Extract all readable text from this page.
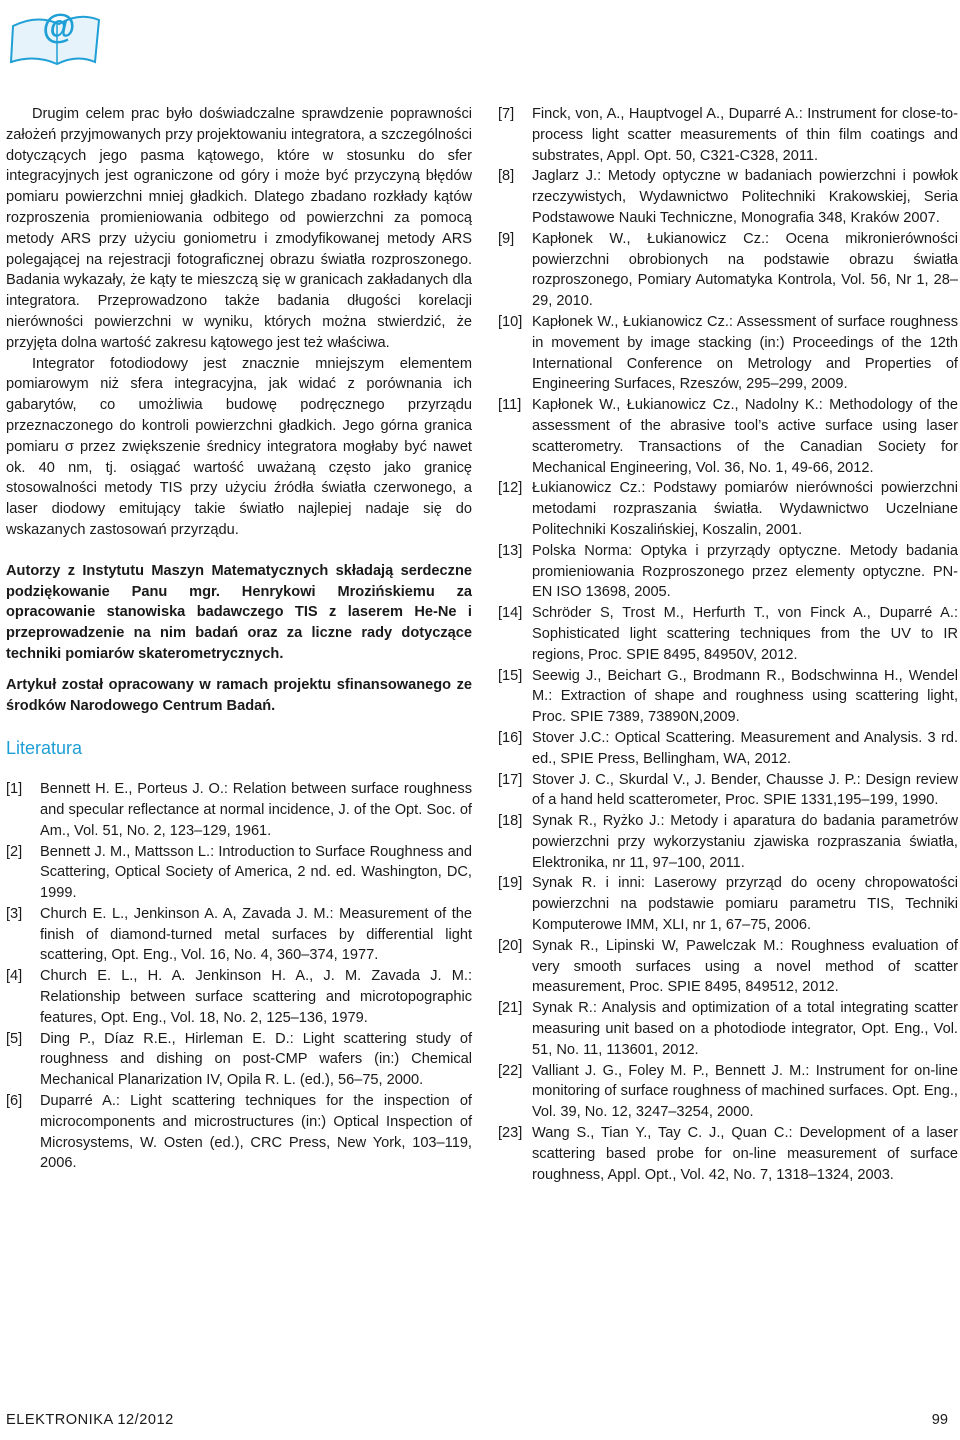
@

Drugim celem prac było doświadczalne sprawdzenie poprawności założeń przyjmowanych przy projektowaniu integratora, a szczególności dotyczących jego pasma kątowego, które w stosunku do sfer integracyjnych jest ograniczone od góry i może być przyczyną błędów pomiaru powierzchni mniej gładkich. Dlatego zbadano rozkłady kątów rozproszenia promieniowania odbitego od powierzchni za pomocą metody ARS przy użyciu goniometru i zmodyfikowanej metody ARS polegającej na rejestracji fotograficznej obrazu światła rozproszonego. Badania wykazały, że kąty te mieszczą się w granicach zakładanych dla integratora. Przeprowadzono także badania długości korelacji nierówności powierzchni w wyniku, których można stwierdzić, że przyjęta dolna wartość zakresu kątowego jest też właściwa.

Integrator fotodiodowy jest znacznie mniejszym elementem pomiarowym niż sfera integracyjna, jak widać z porównania ich gabarytów, co umożliwia budowę podręcznego przyrządu przeznaczonego do kontroli powierzchni gładkich. Jego górna granica pomiaru σ przez zwiększenie średnicy integratora mogłaby być nawet ok. 40 nm, tj. osiągać wartość uważaną często jako granicę stosowalności metody TIS przy użyciu źródła światła czerwonego, a laser diodowy emitujący takie światło najlepiej nadaje się do wskazanych zastosowań przyrządu.

Autorzy z Instytutu Maszyn Matematycznych składają serdeczne podziękowanie Panu mgr. Henrykowi Mrozińskiemu za opracowanie stanowiska badawczego TIS z laserem He-Ne i przeprowadzenie na nim badań oraz za liczne rady dotyczące techniki pomiarów skaterometrycznych.

Artykuł został opracowany w ramach projektu sfinansowanego ze środków Narodowego Centrum Badań.

Literatura
[1]	Bennett H. E., Porteus J. O.: Relation between surface roughness and specular reflectance at normal incidence, J. of the Opt. Soc. of Am., Vol. 51, No. 2, 123–129, 1961.
[2]	Bennett J. M., Mattsson L.: Introduction to Surface Roughness and Scattering, Optical Society of America, 2 nd. ed. Washington, DC, 1999.
[3]	Church E. L., Jenkinson A. A, Zavada J. M.: Measurement of the finish of diamond-turned metal surfaces by differential light scattering, Opt. Eng., Vol. 16, No. 4, 360–374, 1977.
[4]	Church E. L., H. A. Jenkinson H. A., J. M. Zavada J. M.: Relationship between surface scattering and microtopographic features, Opt. Eng., Vol. 18, No. 2, 125–136, 1979.
[5]	Ding P., Díaz R.E., Hirleman E. D.: Light scattering study of roughness and dishing on post-CMP wafers (in:) Chemical Mechanical Planarization IV, Opila R. L. (ed.), 56–75, 2000.
[6]	Duparré A.: Light scattering techniques for the inspection of microcomponents and microstructures (in:) Optical Inspection of Microsystems, W. Osten (ed.), CRC Press, New York, 103–119, 2006.
[7]	Finck, von, A., Hauptvogel A., Duparré A.: Instrument for close-to-process light scatter measurements of thin film coatings and substrates, Appl. Opt. 50, C321-C328, 2011.
[8]	Jaglarz J.: Metody optyczne w badaniach powierzchni i powłok rzeczywistych, Wydawnictwo Politechniki Krakowskiej, Seria Podstawowe Nauki Techniczne, Monografia 348, Kraków 2007.
[9]	Kapłonek W., Łukianowicz Cz.: Ocena mikronierówności powierzchni obrobionych na podstawie obrazu światła rozproszonego, Pomiary Automatyka Kontrola, Vol. 56, Nr 1, 28–29, 2010.
[10] Kapłonek W., Łukianowicz Cz.: Assessment of surface roughness in movement by image stacking (in:) Proceedings of the 12th International Conference on Metrology and Properties of Engineering Surfaces, Rzeszów, 295–299, 2009.
[11] Kapłonek W., Łukianowicz Cz., Nadolny K.: Methodology of the assessment of the abrasive tool’s active surface using laser scatterometry. Transactions of the Canadian Society for Mechanical Engineering, Vol. 36, No. 1, 49-66, 2012.
[12] Łukianowicz Cz.: Podstawy pomiarów nierówności powierzchni metodami rozpraszania światła. Wydawnictwo Uczelniane Politechniki Koszalińskiej, Koszalin, 2001.
[13] Polska Norma: Optyka i przyrządy optyczne. Metody badania promieniowania Rozproszonego przez elementy optyczne. PN-EN ISO 13698, 2005.
[14] Schröder S, Trost M., Herfurth T., von Finck A., Duparré A.: Sophisticated light scattering techniques from the UV to IR regions, Proc. SPIE 8495, 84950V, 2012.
[15] Seewig J., Beichart G., Brodmann R., Bodschwinna H., Wendel M.: Extraction of shape and roughness using scattering light, Proc. SPIE 7389, 73890N,2009.
[16] Stover J.C.: Optical Scattering. Measurement and Analysis. 3 rd. ed., SPIE Press, Bellingham, WA, 2012.
[17] Stover J. C., Skurdal V., J. Bender, Chausse J. P.: Design review of a hand held scatterometer, Proc. SPIE 1331,195–199, 1990.
[18] Synak R., Ryżko J.: Metody i aparatura do badania parametrów powierzchni przy wykorzystaniu zjawiska rozpraszania światła, Elektronika, nr 11, 97–100, 2011.
[19] Synak R. i inni: Laserowy przyrząd do oceny chropowatości powierzchni na podstawie pomiaru parametru TIS, Techniki Komputerowe IMM, XLI, nr 1, 67–75, 2006.
[20] Synak R., Lipinski W, Pawelczak M.: Roughness evaluation of very smooth surfaces using a novel method of scatter measurement, Proc. SPIE 8495, 849512, 2012.
[21] Synak R.: Analysis and optimization of a total integrating scatter measuring unit based on a photodiode integrator, Opt. Eng., Vol. 51, No. 11, 113601, 2012.
[22] Valliant J. G., Foley M. P., Bennett J. M.: Instrument for on-line monitoring of surface roughness of machined surfaces. Opt. Eng., Vol. 39, No. 12, 3247–3254, 2000.
[23] Wang S., Tian Y., Tay C. J., Quan C.: Development of a laser scattering based probe for on-line measurement of surface roughness, Appl. Opt., Vol. 42, No. 7, 1318–1324, 2003.
ELEKTRONIKA 12/2012	99
